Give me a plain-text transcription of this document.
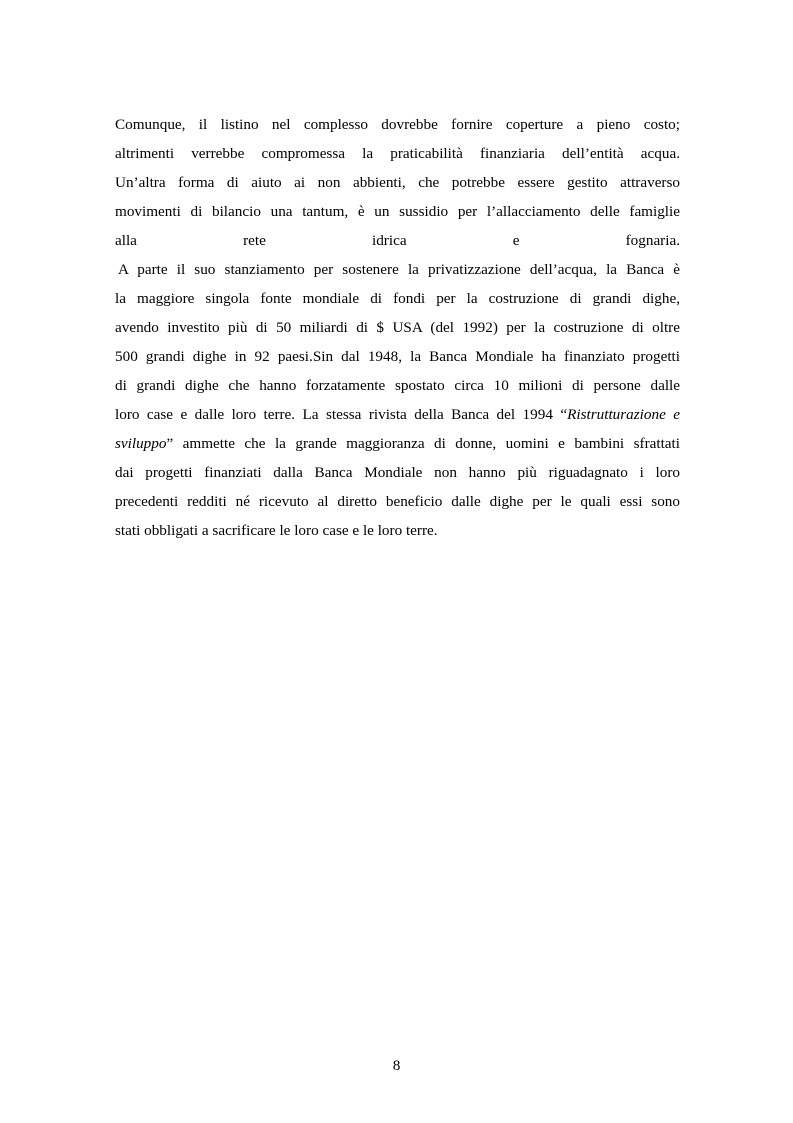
Comunque, il listino nel complesso dovrebbe fornire coperture a pieno costo;
altrimenti verrebbe compromessa la praticabilità finanziaria dell’entità acqua.
Un’altra forma di aiuto ai non abbienti, che potrebbe essere gestito attraverso
movimenti di bilancio una tantum, è un sussidio per l’allacciamento delle famiglie
alla rete idrica e fognaria.
A parte il suo stanziamento per sostenere la privatizzazione dell’acqua, la Banca è
la maggiore singola fonte mondiale di fondi per la costruzione di grandi dighe,
avendo investito più di 50 miliardi di $ USA (del 1992) per la costruzione di oltre
500 grandi dighe in 92 paesi.Sin dal 1948, la Banca Mondiale ha finanziato progetti
di grandi dighe che hanno forzatamente spostato circa 10 milioni di persone dalle
loro case e dalle loro terre. La stessa rivista della Banca del 1994 “Ristrutturazione e
sviluppo” ammette che la grande maggioranza di donne, uomini e bambini sfrattati
dai progetti finanziati dalla Banca Mondiale non hanno più riguadagnato i loro
precedenti redditi né ricevuto al diretto beneficio dalle dighe per le quali essi sono
stati obbligati a sacrificare le loro case e le loro terre.
8
